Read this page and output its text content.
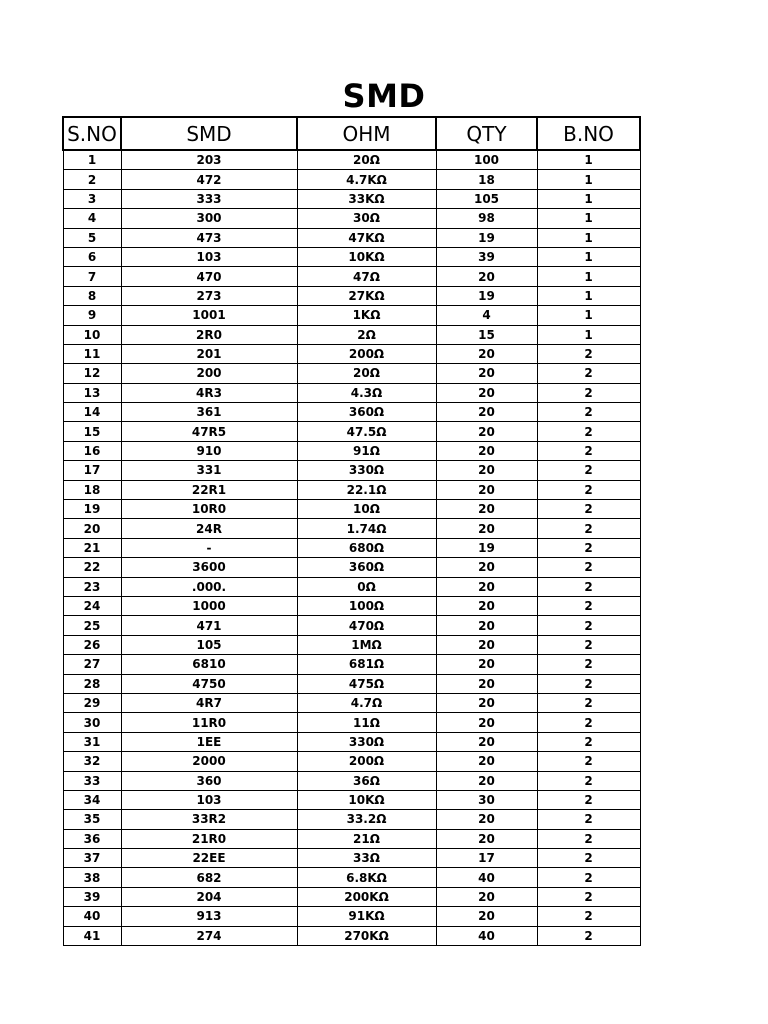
SMD
S.NO	SMD	OHM	QTY	B.NO
1	203	20Ω	100	1
2	472	4.7KΩ	18	1
3	333	33KΩ	105	1
4	300	30Ω	98	1
5	473	47KΩ	19	1
6	103	10KΩ	39	1
7	470	47Ω	20	1
8	273	27KΩ	19	1
9	1001	1KΩ	4	1
10	2R0	2Ω	15	1
11	201	200Ω	20	2
12	200	20Ω	20	2
13	4R3	4.3Ω	20	2
14	361	360Ω	20	2
15	47R5	47.5Ω	20	2
16	910	91Ω	20	2
17	331	330Ω	20	2
18	22R1	22.1Ω	20	2
19	10R0	10Ω	20	2
20	24R	1.74Ω	20	2
21	-	680Ω	19	2
22	3600	360Ω	20	2
23	.000.	0Ω	20	2
24	1000	100Ω	20	2
25	471	470Ω	20	2
26	105	1MΩ	20	2
27	6810	681Ω	20	2
28	4750	475Ω	20	2
29	4R7	4.7Ω	20	2
30	11R0	11Ω	20	2
31	1EE	330Ω	20	2
32	2000	200Ω	20	2
33	360	36Ω	20	2
34	103	10KΩ	30	2
35	33R2	33.2Ω	20	2
36	21R0	21Ω	20	2
37	22EE	33Ω	17	2
38	682	6.8KΩ	40	2
39	204	200KΩ	20	2
40	913	91KΩ	20	2
41	274	270KΩ	40	2
